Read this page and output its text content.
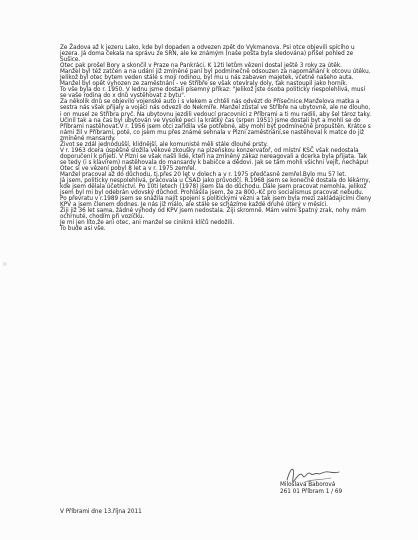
Ze Žadova až k jezeru Lako, kde byl dopaden a odvezen zpět do Vykmanova. Psi otce objevili spícího u jezera. Já doma čekala na správu ze SRN, ale ke známým (naše pošta byla sledována) přišel pohled ze Sušice.

Otec pak prošel Bory a skončil v Praze na Pankráci. K 12ti letům vězení dostal ještě 3 roky za útěk.

Manžel byl též zatčen a na udání již zmíněné paní byl podmínečně odsouzen za napomáhání k otcovu útěku. Jelikož byl otec bytem veden stále s mojí rodinou, byl mu u nás zabaven majetek, včetně našeho auta. Manžel byl opět vyhozen ze zaměstnání - ve Stříbře se však otevíraly doly, tak nastoupil jako horník.

To vše byla do r. 1950. V lednu jsme dostali písemný příkaz: "Jelikož jste osoba politicky nespolehlivá, musí se vaše rodina do x dnů vystěhovat z bytu".

Za několik dnů se objevilo vojenské auto i s vlekem a chtěli nás odvézt do Přísečnice.Manželova matka a sestra nás však přijaly a vojáci nás odvezli do Nekmíře. Manžel zůstal ve Stříbře na ubytovně, ale ne dlouho, i on musel ze Stříbra pryč. Na ubytovnu jezdili vedoucí pracovníci z Příbrami a ti mu radili, aby šel tároz taky. Učinil tak a na čas byl ubytován ve Vysoké peci (a krátký čas (srpen 1951) jsme dostali byt a mohli se do Příbrami nastěhovat.V r. 1956 jsem otci zařídila vše potřebné, aby mohl být podmínečně propuštěn. Krátce s námi žil v Příbrami, poté, co jsem mu přes známé sehnala v Plzni zaměstnání,se nastěhoval k matce do již zmíněné mansardy.

Život se zdál jednodušší, klidnější, ale komunisté měli stále dlouhé prsty.

V r. 1963 dcera úspěšně složila věkové zkoušky na plzeňskou konzervatoř, od místní KSČ však nedostala doporučení k přijetí. V Plzni se však našli lidé, kteří na zmíněný zákaz nereagovali a dcerka byla přijata. Tak se tedy (i s klavírem) nastěhovala do mansardy k babičce a dědovi. Jak se tam mohli všichni vejít, nechápu!

Otec si ve vězení pobyl 8 let a v r. 1975 zemřel.

Manžel pracoval až do důchodu, tj.přes 20 let v dolech a v r. 1975 předčasně zemřel.Bylo mu 57 let.

Já jsem, politicky nespolehlivá, pracovala u ČSAD jako průvodčí. R.1968 jsem se konečně dostala do lékárny, kde jsem dělala účetnictví. Po 10ti letech (1978) jsem šla do důchodu. Dále jsem pracovat nemohla, jelikož jsem byl mi byl odebrán vdovský důchod. Prohlásila jsem, že za 800,-Kč pro socialismus pracovat nebudu.

Po převratu v r.1989 jsem se snažila najít spojení s politickými vězni a tak jsem byla mezi zakládajícími členy KPV a jsem členem dodnes. Je nás již málo, ale stále se scházíme každé druhé úterý v měsíci.

Žiji již 36 let sama, žádné výhody od KPV jsem nedostala. Žiji skromně. Mám velmi špatný zrak, nohy mám ochrnuté, chodím při vozíčku.

Je mi jen líto,že ani otec, ani manžel se ciniknii klíčů nedožili.

To bude asi vše.

Miloslava Baborová
261 01 Příbram 1 / 69
V Příbrami dne 13.října 2011
